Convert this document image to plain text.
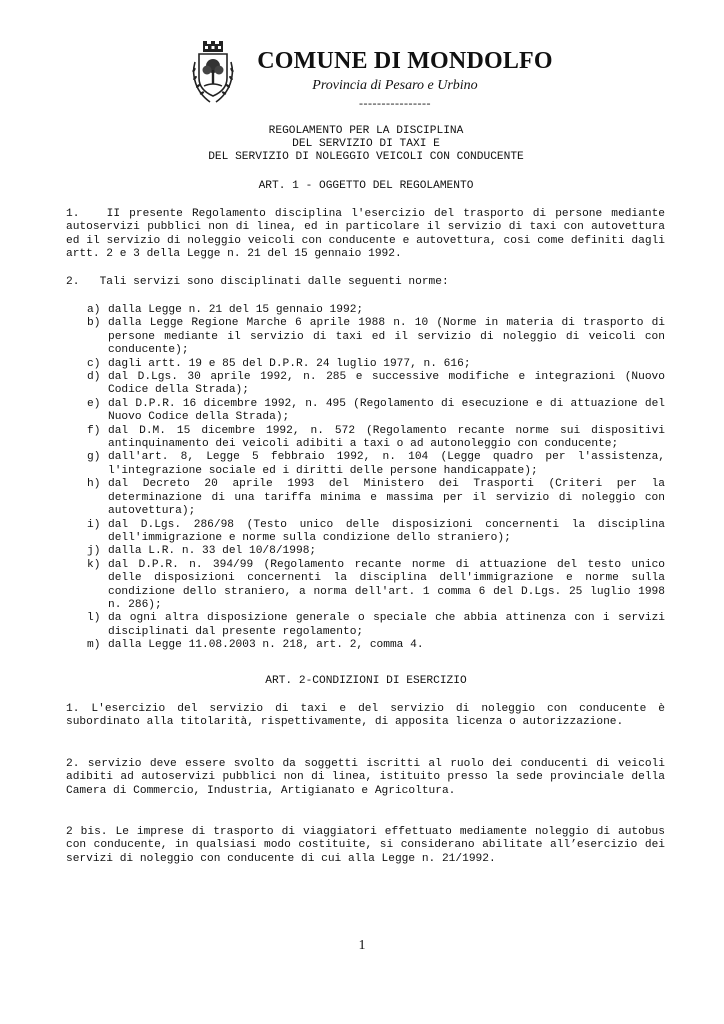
COMUNE DI MONDOLFO
Provincia di Pesaro e Urbino
----------------
REGOLAMENTO PER LA DISCIPLINA
DEL SERVIZIO DI TAXI E
DEL SERVIZIO DI NOLEGGIO VEICOLI CON CONDUCENTE
ART. 1 - OGGETTO DEL REGOLAMENTO
1.   II presente Regolamento disciplina l'esercizio del trasporto di persone mediante autoservizi pubblici non di linea, ed in particolare il servizio di taxi con autovettura ed il servizio di noleggio veicoli con conducente e autovettura, cosi come definiti dagli artt. 2 e 3 della Legge n. 21 del 15 gennaio 1992.
2.   Tali servizi sono disciplinati dalle seguenti norme:
a) dalla Legge n. 21 del 15 gennaio 1992;
b) dalla Legge Regione Marche 6 aprile 1988 n. 10 (Norme in materia di trasporto di persone mediante il servizio di taxi ed il servizio di noleggio di veicoli con conducente);
c) dagli artt. 19 e 85 del D.P.R. 24 luglio 1977, n. 616;
d) dal D.Lgs. 30 aprile 1992, n. 285 e successive modifiche e integrazioni (Nuovo Codice della Strada);
e) dal D.P.R. 16 dicembre 1992, n. 495 (Regolamento di esecuzione e di attuazione del Nuovo Codice della Strada);
f) dal D.M. 15 dicembre 1992, n. 572 (Regolamento recante norme sui dispositivi antinquinamento dei veicoli adibiti a taxi o ad autonoleggio con conducente;
g) dall'art. 8, Legge 5 febbraio 1992, n. 104 (Legge quadro per l'assistenza, l'integrazione sociale ed i diritti delle persone handicappate);
h) dal Decreto 20 aprile 1993 del Ministero dei Trasporti (Criteri per la determinazione di una tariffa minima e massima per il servizio di noleggio con autovettura);
i) dal D.Lgs. 286/98 (Testo unico delle disposizioni concernenti la disciplina dell'immigrazione e norme sulla condizione dello straniero);
j) dalla L.R. n. 33 del 10/8/1998;
k) dal D.P.R. n. 394/99 (Regolamento recante norme di attuazione del testo unico delle disposizioni concernenti la disciplina dell'immigrazione e norme sulla condizione dello straniero, a norma dell'art. 1 comma 6 del D.Lgs. 25 luglio 1998 n. 286);
l) da ogni altra disposizione generale o speciale che abbia attinenza con i servizi disciplinati dal presente regolamento;
m) dalla Legge 11.08.2003 n. 218, art. 2, comma 4.
ART. 2-CONDIZIONI DI ESERCIZIO
1. L'esercizio del servizio di taxi e del servizio di noleggio con conducente è subordinato alla titolarità, rispettivamente, di apposita licenza o autorizzazione.
2. servizio deve essere svolto da soggetti iscritti al ruolo dei conducenti di veicoli adibiti ad autoservizi pubblici non di linea, istituito presso la sede provinciale della Camera di Commercio, Industria, Artigianato e Agricoltura.
2 bis. Le imprese di trasporto di viaggiatori effettuato mediamente noleggio di autobus con conducente, in qualsiasi modo costituite, si considerano abilitate all’esercizio dei servizi di noleggio con conducente di cui alla Legge n. 21/1992.
1
